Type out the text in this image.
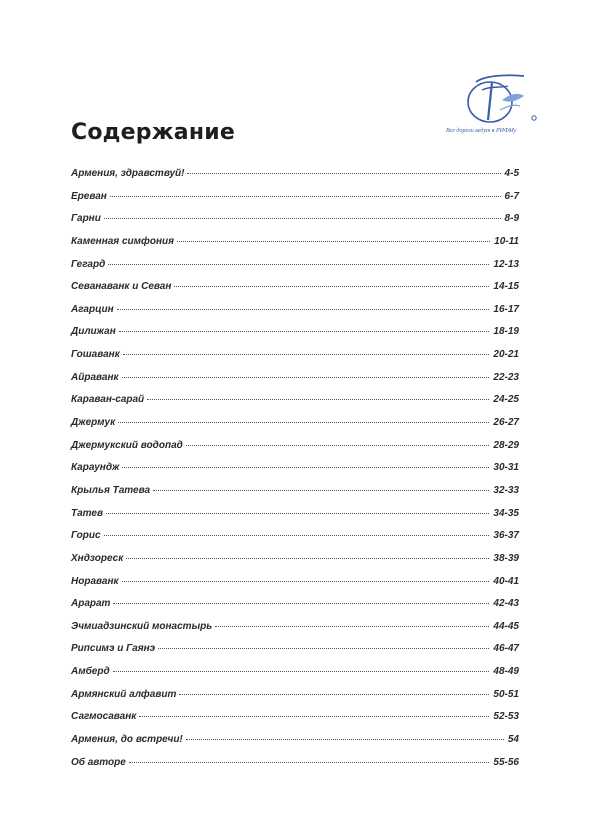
Содержание	Все дороги ведут в РИФМу
Армения, здравствуй!	4-5
Ереван	6-7
Гарни	8-9
Каменная симфония	10-11
Гегард	12-13
Севанаванк и Севан	14-15
Агарцин	16-17
Дилижан	18-19
Гошаванк	20-21
Айраванк	22-23
Караван-сарай	24-25
Джермук	26-27
Джермукский водопад	28-29
Караундж	30-31
Крылья Татева	32-33
Татев	34-35
Горис	36-37
Хндзореск	38-39
Нораванк	40-41
Арарат	42-43
Эчмиадзинский монастырь	44-45
Рипсимэ и Гаянэ	46-47
Амберд	48-49
Армянский алфавит	50-51
Сагмосаванк	52-53
Армения, до встречи!	54
Об авторе	55-56
